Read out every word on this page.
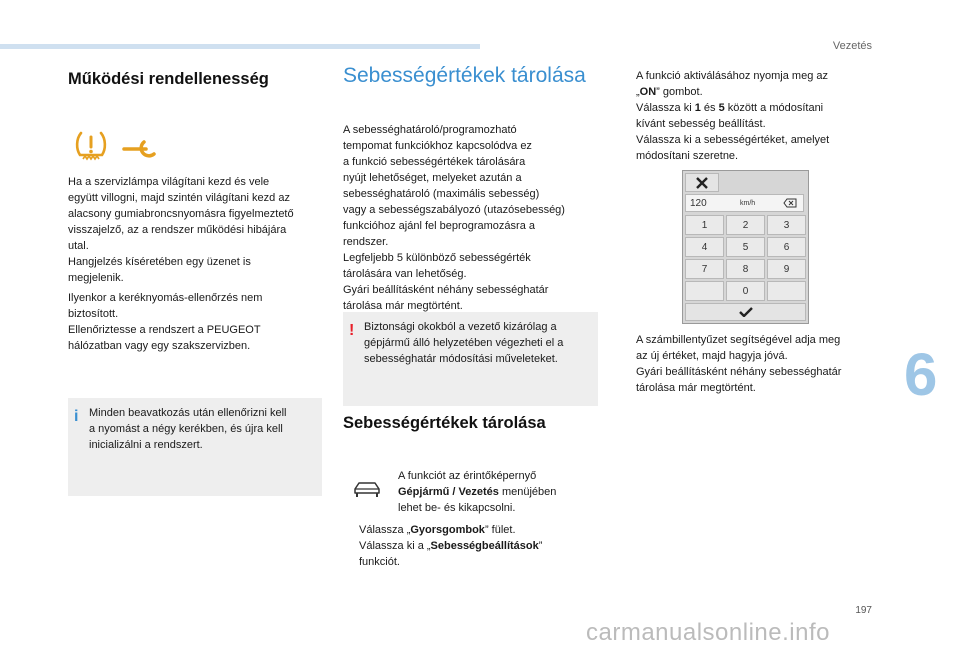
Vezetés
6
197
carmanualsonline.info
Működési rendellenesség

Ha a szervizlámpa világítani kezd és vele

együtt villogni, majd szintén világítani kezd az

alacsony gumiabroncsnyomásra figyelmeztető

visszajelző, az a rendszer működési hibájára

utal.

Hangjelzés kíséretében egy üzenet is

megjelenik.

Ilyenkor a keréknyomás-ellenőrzés nem

biztosított.

Ellenőriztesse a rendszert a PEUGEOT

hálózatban vagy egy szakszervizben.

i Minden beavatkozás után ellenőrizni kell

a nyomást a négy kerékben, és újra kell

inicializálni a rendszert.

Sebességértékek tárolása

A sebességhatároló/programozható

tempomat funkciókhoz kapcsolódva ez

a funkció sebességértékek tárolására

nyújt lehetőséget, melyeket azután a

sebességhatároló (maximális sebesség)

vagy a sebességszabályozó (utazósebesség)

funkcióhoz ajánl fel beprogramozásra a

rendszer.

Legfeljebb 5 különböző sebességérték

tárolására van lehetőség.

Gyári beállításként néhány sebességhatár

tárolása már megtörtént.

! Biztonsági okokból a vezető kizárólag a

gépjármű álló helyzetében végezheti el a

sebességhatár módosítási műveleteket.

Sebességértékek tárolása

A funkciót az érintőképernyő

Gépjármű / Vezetés menüjében

lehet be- és kikapcsolni.

Válassza „Gyorsgombok” fület.
Válassza ki a „Sebességbeállítások”
funkciót.
A funkció aktiválásához nyomja meg az
„ON” gombot.
Válassza ki 1 és 5 között a módosítani
kívánt sebesség beállítást.
Válassza ki a sebességértéket, amelyet
módosítani szeretne.
120	km/h
1	2	3
4	5	6
7	8	9
0
A számbillentyűzet segítségével adja meg
az új értéket, majd hagyja jóvá.
Gyári beállításként néhány sebességhatár
tárolása már megtörtént.
